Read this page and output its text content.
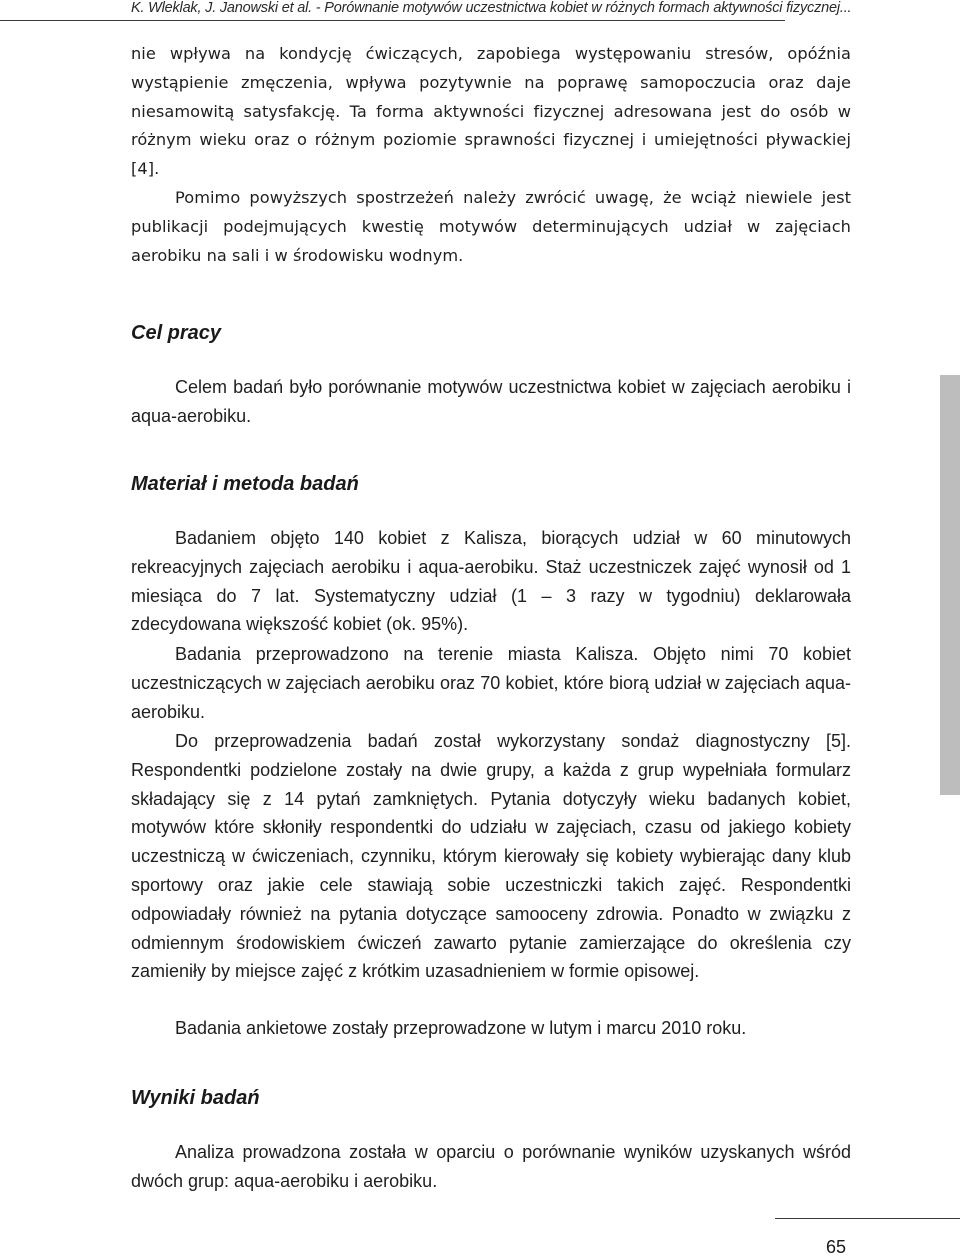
K. Wleklak, J. Janowski et al. - Porównanie motywów uczestnictwa kobiet w różnych formach aktywności fizycznej...

nie wpływa na kondycję ćwiczących, zapobiega występowaniu stresów, opóźnia wystąpienie zmęczenia, wpływa pozytywnie na poprawę samopoczucia oraz daje niesamowitą satysfakcję. Ta forma aktywności fizycznej adresowana jest do osób w różnym wieku oraz o różnym poziomie sprawności fizycznej i umiejętności pływackiej [4].

Pomimo powyższych spostrzeżeń należy zwrócić uwagę, że wciąż niewiele jest publikacji podejmujących kwestię motywów determinujących udział w zajęciach aerobiku na sali i w środowisku wodnym.

Cel pracy

Celem badań było porównanie motywów uczestnictwa kobiet w zajęciach aerobiku i aqua-aerobiku.

Materiał i metoda badań

Badaniem objęto 140 kobiet z Kalisza, biorących udział w 60 minutowych rekreacyjnych zajęciach aerobiku i aqua-aerobiku. Staż uczestniczek zajęć wynosił od 1 miesiąca do 7 lat. Systematyczny udział (1 – 3 razy w tygodniu) deklarowała zdecydowana większość kobiet (ok. 95%).

Badania przeprowadzono na terenie miasta Kalisza. Objęto nimi 70 kobiet uczestniczących w zajęciach aerobiku oraz 70 kobiet, które biorą udział w zajęciach aqua-aerobiku.

Do przeprowadzenia badań został wykorzystany sondaż diagnostyczny [5]. Respondentki podzielone zostały na dwie grupy, a każda z grup wypełniała formularz składający się z 14 pytań zamkniętych. Pytania dotyczyły wieku badanych kobiet, motywów które skłoniły respondentki do udziału w zajęciach, czasu od jakiego kobiety uczestniczą w ćwiczeniach, czynniku, którym kierowały się kobiety wybierając dany klub sportowy oraz jakie cele stawiają sobie uczestniczki takich zajęć. Respondentki odpowiadały również na pytania dotyczące samooceny zdrowia. Ponadto w związku z odmiennym środowiskiem ćwiczeń zawarto pytanie zamierzające do określenia czy zamieniły by miejsce zajęć z krótkim uzasadnieniem w formie opisowej.

Badania ankietowe zostały przeprowadzone w lutym i marcu 2010 roku.

Wyniki badań

Analiza prowadzona została w oparciu o porównanie wyników uzyskanych wśród dwóch grup: aqua-aerobiku i aerobiku.

65
